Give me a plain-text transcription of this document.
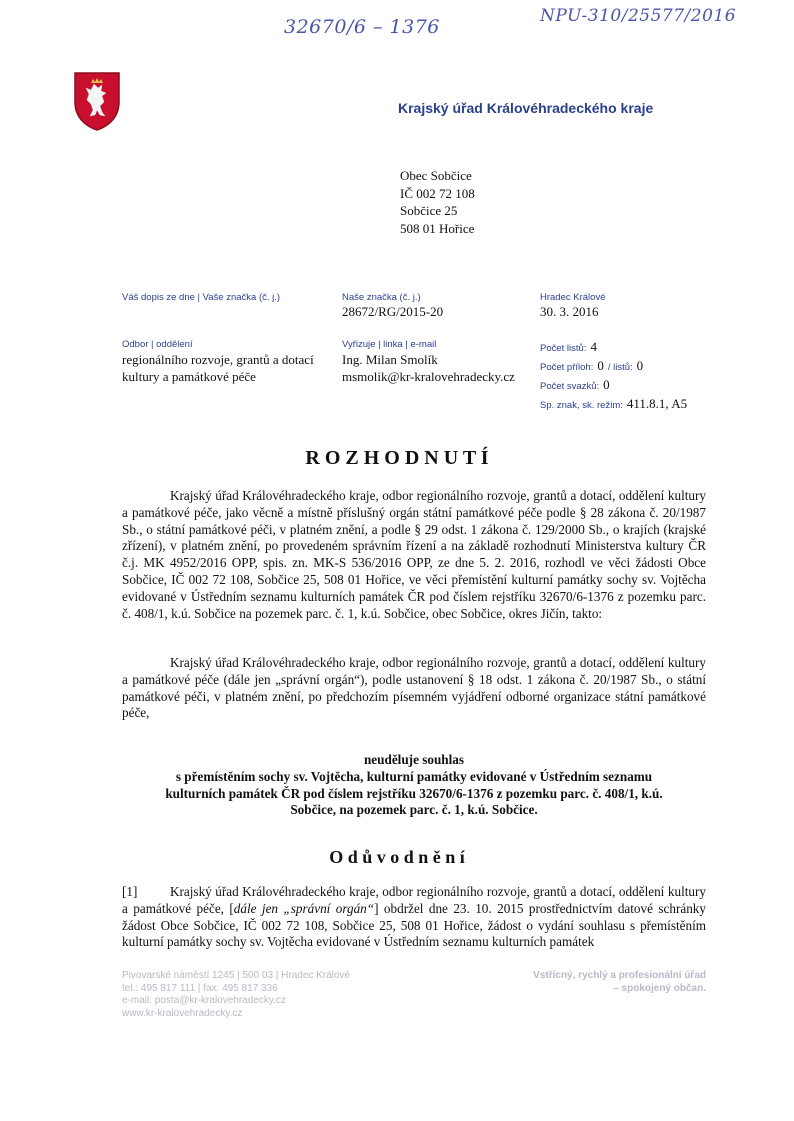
32670/6 – 1376	NPU-310/25577/2016
Krajský úřad Královéhradeckého kraje
Obec Sobčice
IČ 002 72 108
Sobčice 25
508 01 Hořice
Váš dopis ze dne | Vaše značka (č. j.)	Naše značka (č. j.)
28672/RG/2015-20
Hradec Králové
30. 3. 2016
Odbor | oddělení
regionálního rozvoje, grantů a dotací
kultury a památkové péče
Vyřizuje | linka | e-mail
Ing. Milan Smolík
msmolik@kr-kralovehradecky.cz
Počet listů: 4
Počet příloh: 0 / listů: 0
Počet svazků: 0
Sp. znak, sk. režim: 411.8.1, A5
R O Z H O D N U T Í
Krajský úřad Královéhradeckého kraje, odbor regionálního rozvoje, grantů a dotací, oddělení kultury a památkové péče, jako věcně a místně příslušný orgán státní památkové péče podle § 28 zákona č. 20/1987 Sb., o státní památkové péči, v platném znění, a podle § 29 odst. 1 zákona č. 129/2000 Sb., o krajích (krajské zřízení), v platném znění, po provedeném správním řízení a na základě rozhodnutí Ministerstva kultury ČR č.j. MK 4952/2016 OPP, spis. zn. MK-S 536/2016 OPP, ze dne 5. 2. 2016, rozhodl ve věci žádosti Obce Sobčice, IČ 002 72 108, Sobčice 25, 508 01 Hořice, ve věci přemístění kulturní památky sochy sv. Vojtěcha evidované v Ústředním seznamu kulturních památek ČR pod číslem rejstříku 32670/6-1376 z pozemku parc. č. 408/1, k.ú. Sobčice na pozemek parc. č. 1, k.ú. Sobčice, obec Sobčice, okres Jičín, takto:
Krajský úřad Královéhradeckého kraje, odbor regionálního rozvoje, grantů a dotací, oddělení kultury a památkové péče (dále jen „správní orgán“), podle ustanovení § 18 odst. 1 zákona č. 20/1987 Sb., o státní památkové péči, v platném znění, po předchozím písemném vyjádření odborné organizace státní památkové péče,
neuděluje souhlas
s přemístěním sochy sv. Vojtěcha, kulturní památky evidované v Ústředním seznamu
kulturních památek ČR pod číslem rejstříku 32670/6-1376 z pozemku parc. č. 408/1, k.ú.
Sobčice, na pozemek parc. č. 1, k.ú. Sobčice.
O d ů v o d n ě n í
[1] Krajský úřad Královéhradeckého kraje, odbor regionálního rozvoje, grantů a dotací, oddělení kultury a památkové péče, [dále jen „správní orgán“] obdržel dne 23. 10. 2015 prostřednictvím datové schránky žádost Obce Sobčice, IČ 002 72 108, Sobčice 25, 508 01 Hořice, žádost o vydání souhlasu s přemístěním kulturní památky sochy sv. Vojtěcha evidované v Ústředním seznamu kulturních památek
Pivovarské náměstí 1245 | 500 03 | Hradec Králové
tel.: 495 817 111 | fax: 495 817 336
e-mail: posta@kr-kralovehradecky.cz
www.kr-kralovehradecky.cz
Vstřícný, rychlý a profesionální úřad
– spokojený občan.
